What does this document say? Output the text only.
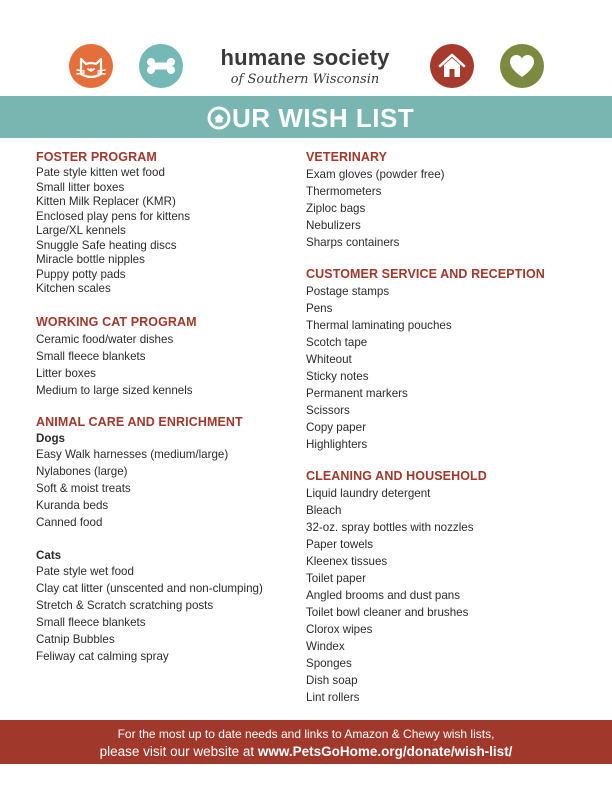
humane society
of Southern Wisconsin
UR WISH LIST
FOSTER PROGRAM
Pate style kitten wet food
Small litter boxes
Kitten Milk Replacer (KMR)
Enclosed play pens for kittens
Large/XL kennels
Snuggle Safe heating discs
Miracle bottle nipples
Puppy potty pads
Kitchen scales
WORKING CAT PROGRAM
Ceramic food/water dishes
Small fleece blankets
Litter boxes
Medium to large sized kennels
ANIMAL CARE AND ENRICHMENT
Dogs
Easy Walk harnesses (medium/large)
Nylabones (large)
Soft & moist treats
Kuranda beds
Canned food
Cats
Pate style wet food
Clay cat litter (unscented and non-clumping)
Stretch & Scratch scratching posts
Small fleece blankets
Catnip Bubbles
Feliway cat calming spray
VETERINARY
Exam gloves (powder free)
Thermometers
Ziploc bags
Nebulizers
Sharps containers
CUSTOMER SERVICE AND RECEPTION
Postage stamps
Pens
Thermal laminating pouches
Scotch tape
Whiteout
Sticky notes
Permanent markers
Scissors
Copy paper
Highlighters
CLEANING AND HOUSEHOLD
Liquid laundry detergent
Bleach
32-oz. spray bottles with nozzles
Paper towels
Kleenex tissues
Toilet paper
Angled brooms and dust pans
Toilet bowl cleaner and brushes
Clorox wipes
Windex
Sponges
Dish soap
Lint rollers
For the most up to date needs and links to Amazon & Chewy wish lists,
please visit our website at www.PetsGoHome.org/donate/wish-list/
